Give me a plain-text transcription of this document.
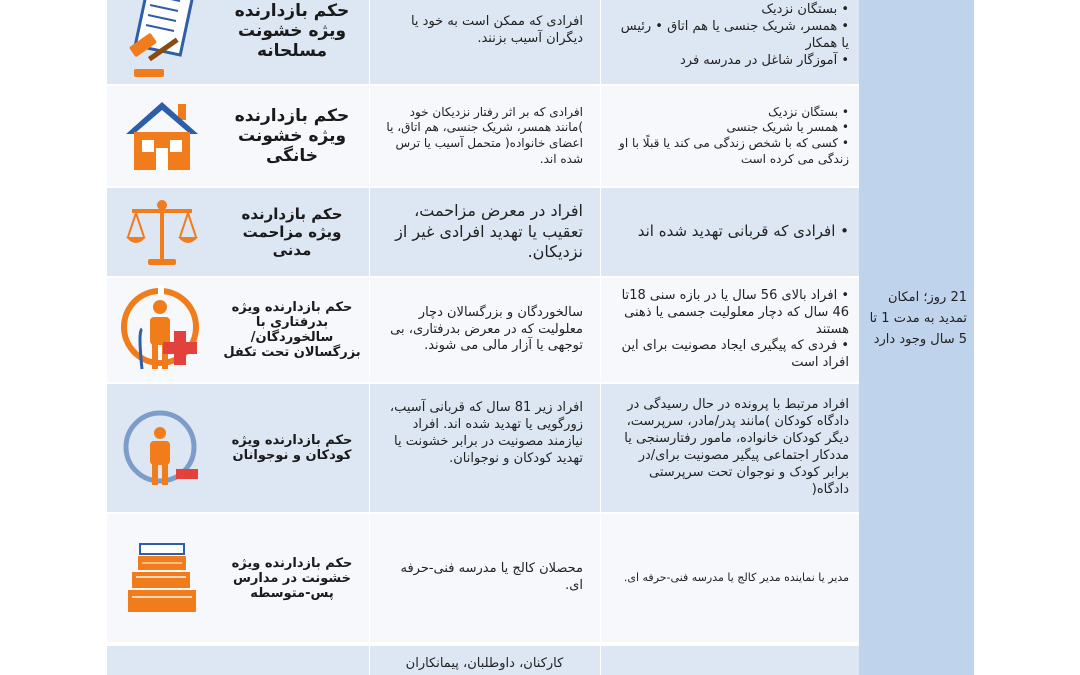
21 روز؛ امکان تمدید به مدت 1 تا 5 سال وجود دارد
حکم بازدارنده ویژه خشونت مسلحانه

افرادی که ممکن است به خود یا دیگران آسیب بزنند.

• بستگان نزدیک
• همسر، شریک جنسی یا هم اتاق • رئیس یا همکار
• آموزگار شاغل در مدرسه فرد
حکم بازدارنده ویژه خشونت خانگی

افرادی که بر اثر رفتار نزدیکان خود )مانند همسر، شریک جنسی، هم اتاق، یا اعضای خانواده( متحمل آسیب یا ترس شده اند.

• بستگان نزدیک
• همسر یا شریک جنسی
• کسی که با شخص زندگی می کند یا قبلًا با او زندگی می کرده است
حکم بازدارنده ویژه مزاحمت مدنی

افراد در معرض مزاحمت، تعقیب یا تهدید افرادی غیر از نزدیکان.

• افرادی که قربانی تهدید شده اند
حکم بازدارنده ویژه بدرفتاری با سالخوردگان/ بزرگسالان تحت تکفل

سالخوردگان و بزرگسالان دچار معلولیت که در معرض بدرفتاری، بی توجهی یا آزار مالی می شوند.

• افراد بالای 56 سال یا در بازه سنی 18تا 46 سال که دچار معلولیت جسمی یا ذهنی هستند
• فردی که پیگیری ایجاد مصونیت برای این افراد است
حکم بازدارنده ویژه کودکان و نوجوانان

افراد زیر 81 سال که قربانی آسیب، زورگویی یا تهدید شده اند. افراد نیازمند مصونیت در برابر خشونت یا تهدید کودکان و نوجوانان.

افراد مرتبط با پرونده در حال رسیدگی در دادگاه کودکان )مانند پدر/مادر، سرپرست، دیگر کودکان خانواده، مامور رفتارسنجی یا مددکار اجتماعی پیگیر مصونیت برای/در برابر کودک و نوجوان تحت سرپرستی دادگاه(

حکم بازدارنده ویژه خشونت در مدارس پس-متوسطه

محصلان کالج یا مدرسه فنی-حرفه ای.

مدیر یا نماینده مدیر کالج یا مدرسه فنی-حرفه ای.

کارکنان، داوطلبان، پیمانکاران
